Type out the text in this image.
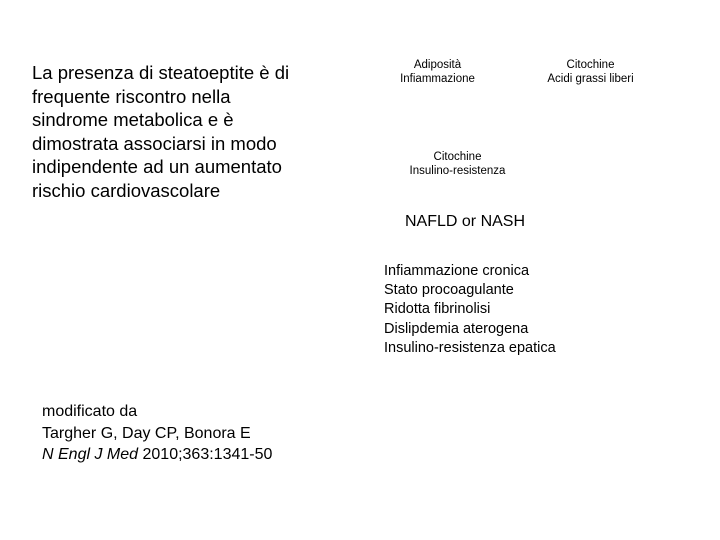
La presenza di steatoeptite è di
frequente riscontro nella
sindrome metabolica e è
dimostrata associarsi in modo
indipendente ad un aumentato
rischio cardiovascolare
Adiposità
Infiammazione
Citochine
Acidi grassi liberi
Citochine
Insulino-resistenza
NAFLD or NASH
Infiammazione cronica
Stato procoagulante
Ridotta fibrinolisi
Dislipdemia aterogena
Insulino-resistenza epatica
modificato da
Targher G, Day CP, Bonora E
N Engl J Med 2010;363:1341-50
